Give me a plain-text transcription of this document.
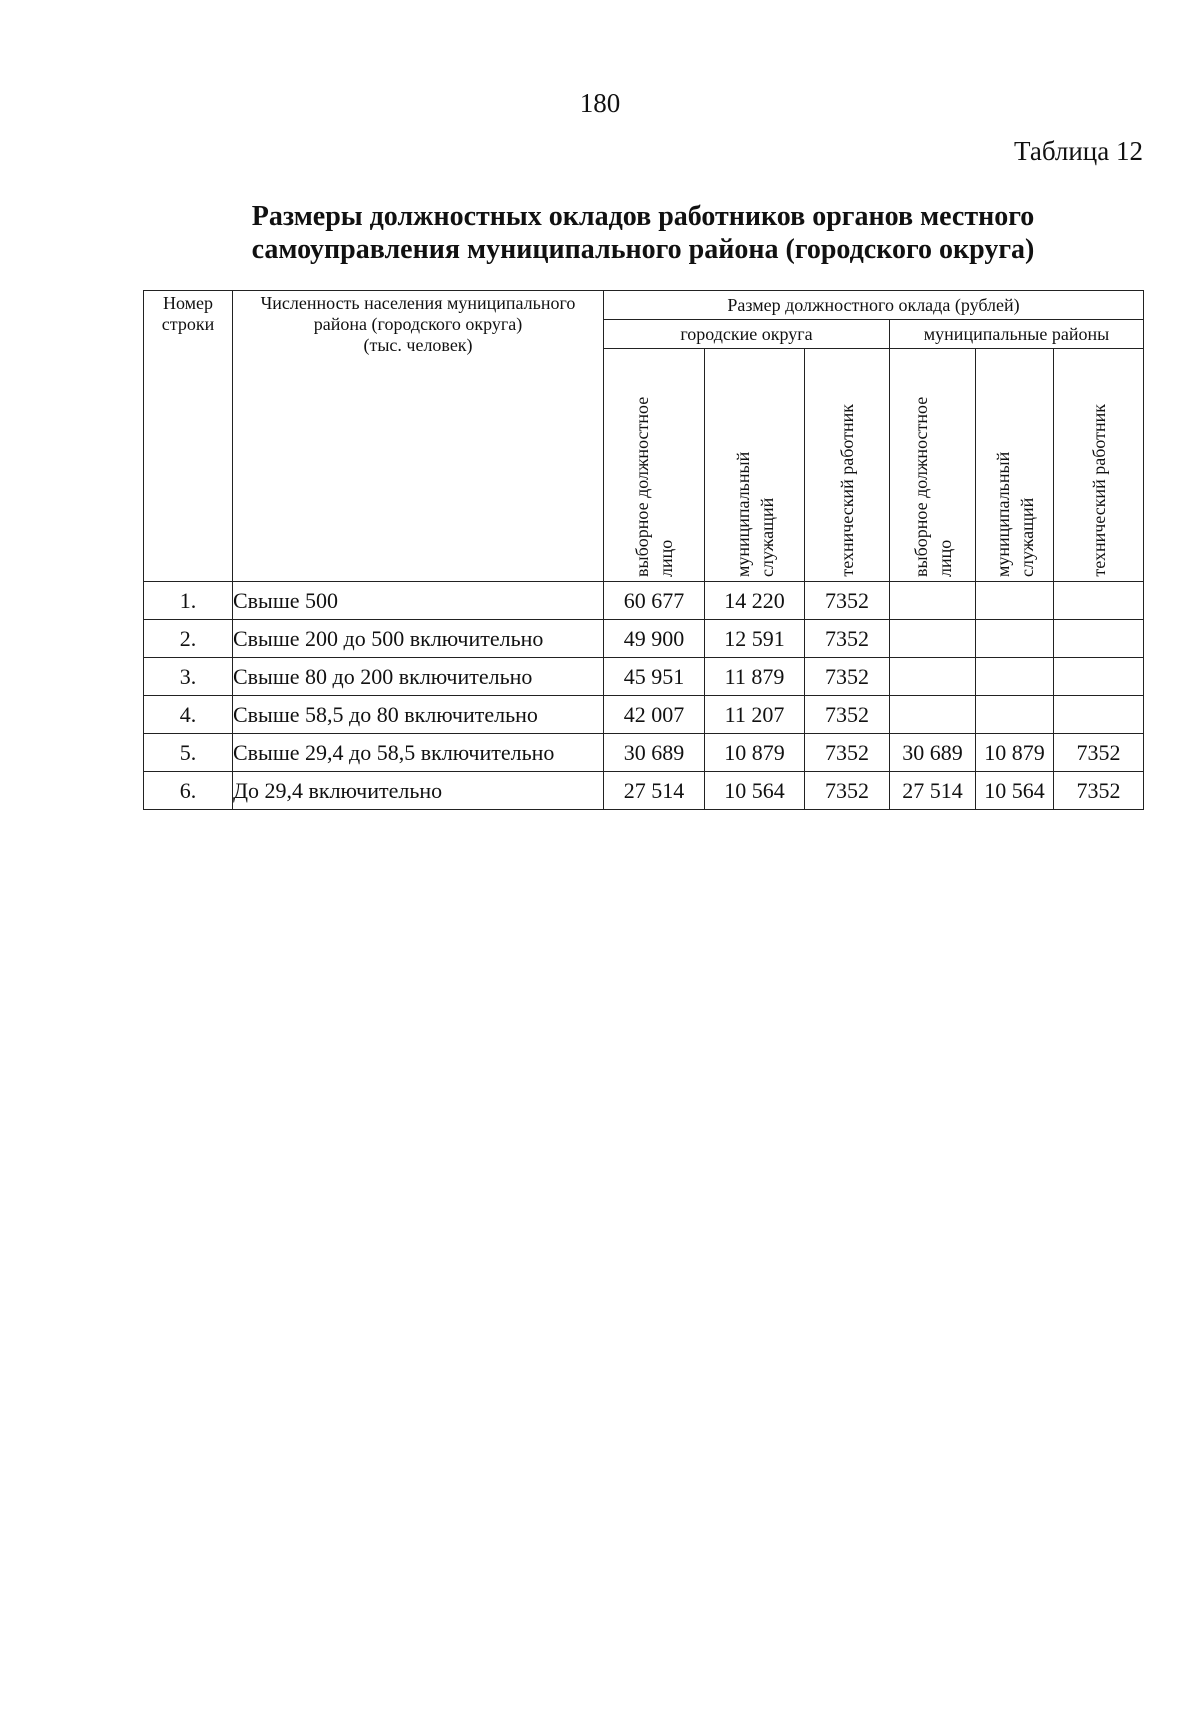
180
Таблица 12
Размеры должностных окладов работников органов местного
самоуправления муниципального района (городского округа)
Номер строки	Численность населения муниципального
района (городского округа)
(тыс. человек)	Размер должностного оклада (рублей)					
		городские округа			муниципальные районы		

		выборное должностное лицо	муниципальный служащий	технический работник	выборное должностное лицо	муниципальный служащий	технический работник

1.	Свыше 500	60 677	14 220	7352			
2.	Свыше 200 до 500 включительно	49 900	12 591	7352			
3.	Свыше 80 до 200 включительно	45 951	11 879	7352			
4.	Свыше 58,5 до 80 включительно	42 007	11 207	7352			
5.	Свыше 29,4 до 58,5 включительно	30 689	10 879	7352	30 689	10 879	7352
6.	До 29,4 включительно	27 514	10 564	7352	27 514	10 564	7352
